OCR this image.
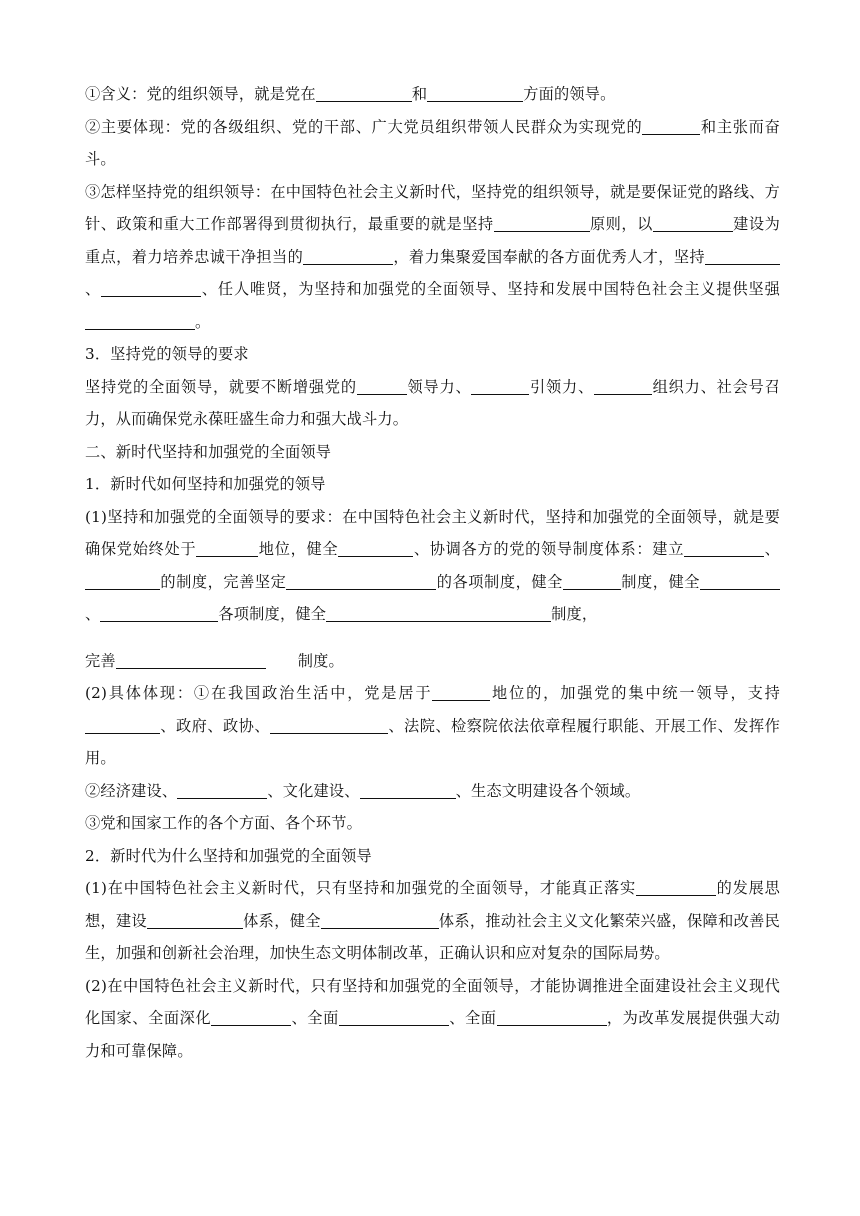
①含义：党的组织领导，就是党在	和	方面的领导。

②主要体现：党的各级组织、党的干部、广大党员组织带领人民群众为实现党的	和主张而奋斗。

③怎样坚持党的组织领导：在中国特色社会主义新时代，坚持党的组织领导，就是要保证党的路线、方针、政策和重大工作部署得到贯彻执行，最重要的就是坚持	原则，以	建设为重点，着力培养忠诚干净担当的	，着力集聚爱国奉献的各方面优秀人才，坚持、	、任人唯贤，为坚持和加强党的全面领导、坚持和发展中国特色社会主义提供坚强。

3．坚持党的领导的要求

坚持党的全面领导，就要不断增强党的	领导力、	引领力、	组织力、社会号召力，从而确保党永葆旺盛生命力和强大战斗力。

二、新时代坚持和加强党的全面领导

1．新时代如何坚持和加强党的领导

(1)坚持和加强党的全面领导的要求：在中国特色社会主义新时代，坚持和加强党的全面领导，就是要确保党始终处于	地位，健全	、协调各方的党的领导制度体系：建立	、的制度，完善坚定	的各项制度，健全	制度，健全、	各项制度，健全	制度，

完善	制度。

(2)具体体现：①在我国政治生活中，党是居于	地位的，加强党的集中统一领导，支持、政府、政协、	、法院、检察院依法依章程履行职能、开展工作、发挥作用。

②经济建设、	、文化建设、	、生态文明建设各个领域。

③党和国家工作的各个方面、各个环节。

2．新时代为什么坚持和加强党的全面领导

(1)在中国特色社会主义新时代，只有坚持和加强党的全面领导，才能真正落实	的发展思想，建设	体系，健全	体系，推动社会主义文化繁荣兴盛，保障和改善民生，加强和创新社会治理，加快生态文明体制改革，正确认识和应对复杂的国际局势。

(2)在中国特色社会主义新时代，只有坚持和加强党的全面领导，才能协调推进全面建设社会主义现代化国家、全面深化	、全面	、全面	，为改革发展提供强大动力和可靠保障。
